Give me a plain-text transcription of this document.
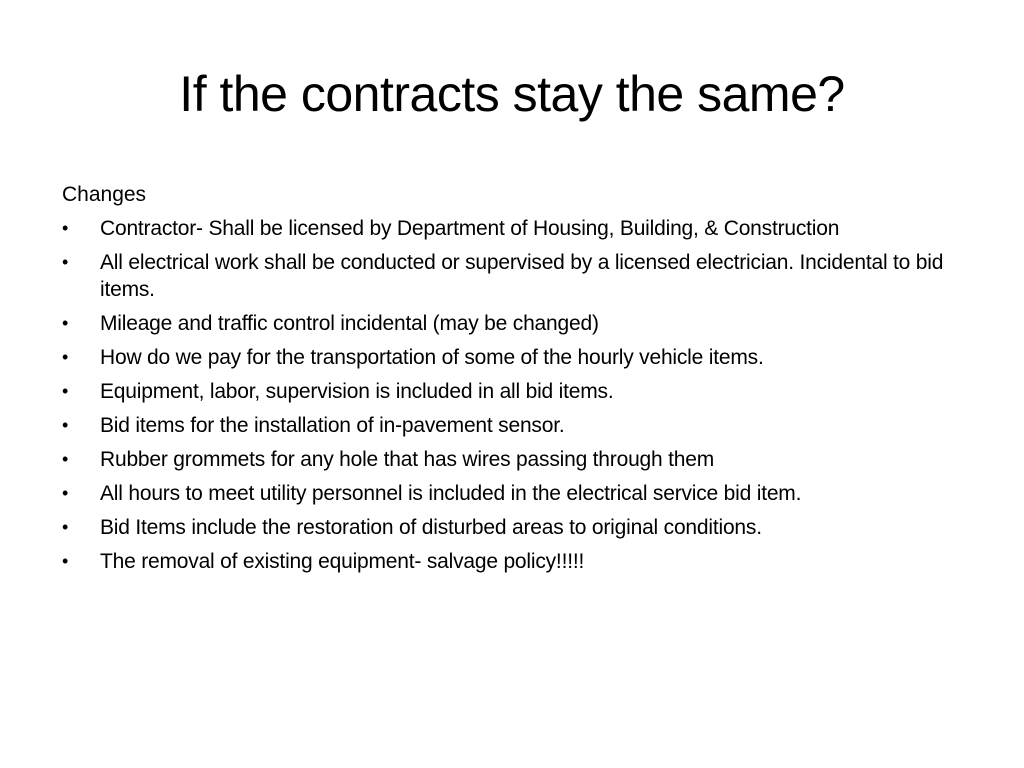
If the contracts stay the same?
Changes
•	Contractor- Shall be licensed by Department of Housing, Building, & Construction
•	All electrical work shall be conducted or supervised by a licensed electrician. Incidental to bid items.
•	Mileage and traffic control incidental (may be changed)
•	How do we pay for the transportation of some of the hourly vehicle items.
•	Equipment, labor, supervision is included in all bid items.
•	Bid items for the installation of in-pavement sensor.
•	Rubber grommets for any hole that has wires passing through them
•	All hours to meet utility personnel is included in the electrical service bid item.
•	Bid Items include the restoration of disturbed areas to original conditions.
•	The removal of existing equipment- salvage policy!!!!!
